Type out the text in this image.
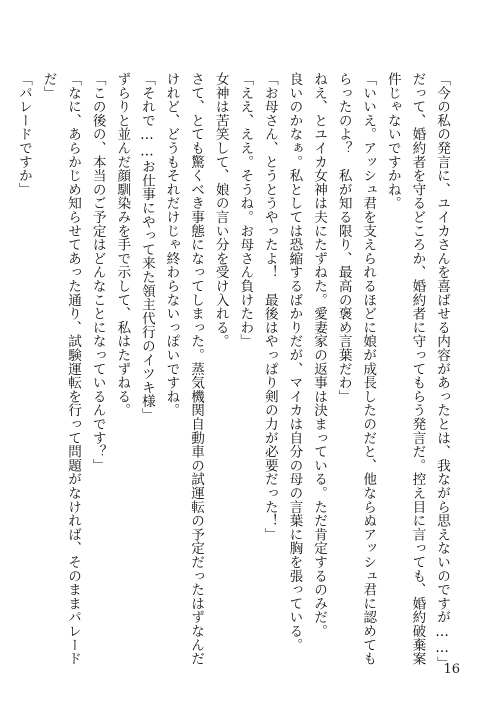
「今の私の発言に、ユイカさんを喜ばせる内容があったとは、我ながら思えないのですが……」
だって、婚約者を守るどころか、婚約者に守ってもらう発言だ。控え目に言っても、婚約破棄案
件じゃないですかね。
「いいえ。アッシュ君を支えられるほどに娘が成長したのだと、他ならぬアッシュ君に認めても
らったのよ？　私が知る限り、最高の褒め言葉だわ」
ねえ、とユイカ女神は夫にたずねた。愛妻家の返事は決まっている。ただ肯定するのみだ。
良いのかなぁ。私としては恐縮するばかりだが、マイカは自分の母の言葉に胸を張っている。
「お母さん、とうとうやったよ！　最後はやっぱり剣の力が必要だった！」
「ええ、ええ。そうね。お母さん負けたわ」
女神は苦笑して、娘の言い分を受け入れる。
さて、とても驚くべき事態になってしまった。蒸気機関自動車の試運転の予定だったはずなんだ
けれど、どうもそれだけじゃ終わらないっぽいですね。
「それで……お仕事にやって来た領主代行のイツキ様」
ずらりと並んだ顔馴染みを手で示して、私はたずねる。
「この後の、本当のご予定はどんなことになっているんです？」
「なに、あらかじめ知らせてあった通り、試験運転を行って問題がなければ、そのままパレード
だ」
「パレードですか」
16
